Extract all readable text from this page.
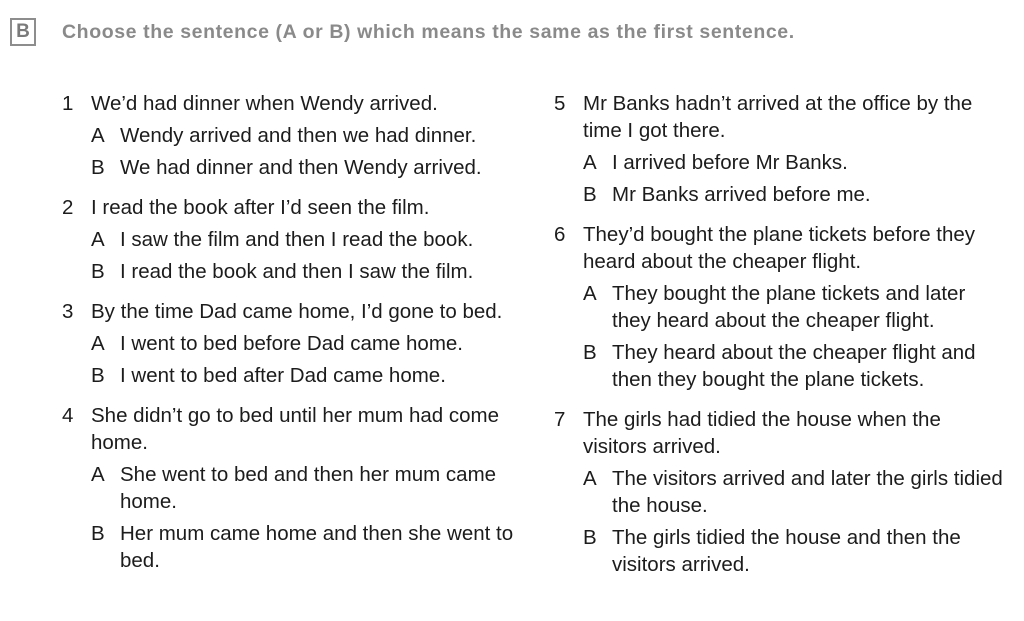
B	Choose the sentence (A or B) which means the same as the first sentence.
1 We’d had dinner when Wendy arrived.
A Wendy arrived and then we had dinner.
B We had dinner and then Wendy arrived.
2 I read the book after I’d seen the film.
A I saw the film and then I read the book.
B I read the book and then I saw the film.
3 By the time Dad came home, I’d gone to bed.
A I went to bed before Dad came home.
B I went to bed after Dad came home.
4 She didn’t go to bed until her mum had come home.
A She went to bed and then her mum came home.
B Her mum came home and then she went to bed.
5 Mr Banks hadn’t arrived at the office by the time I got there.
A I arrived before Mr Banks.
B Mr Banks arrived before me.
6 They’d bought the plane tickets before they heard about the cheaper flight.
A They bought the plane tickets and later they heard about the cheaper flight.
B They heard about the cheaper flight and then they bought the plane tickets.
7 The girls had tidied the house when the visitors arrived.
A The visitors arrived and later the girls tidied the house.
B The girls tidied the house and then the visitors arrived.
